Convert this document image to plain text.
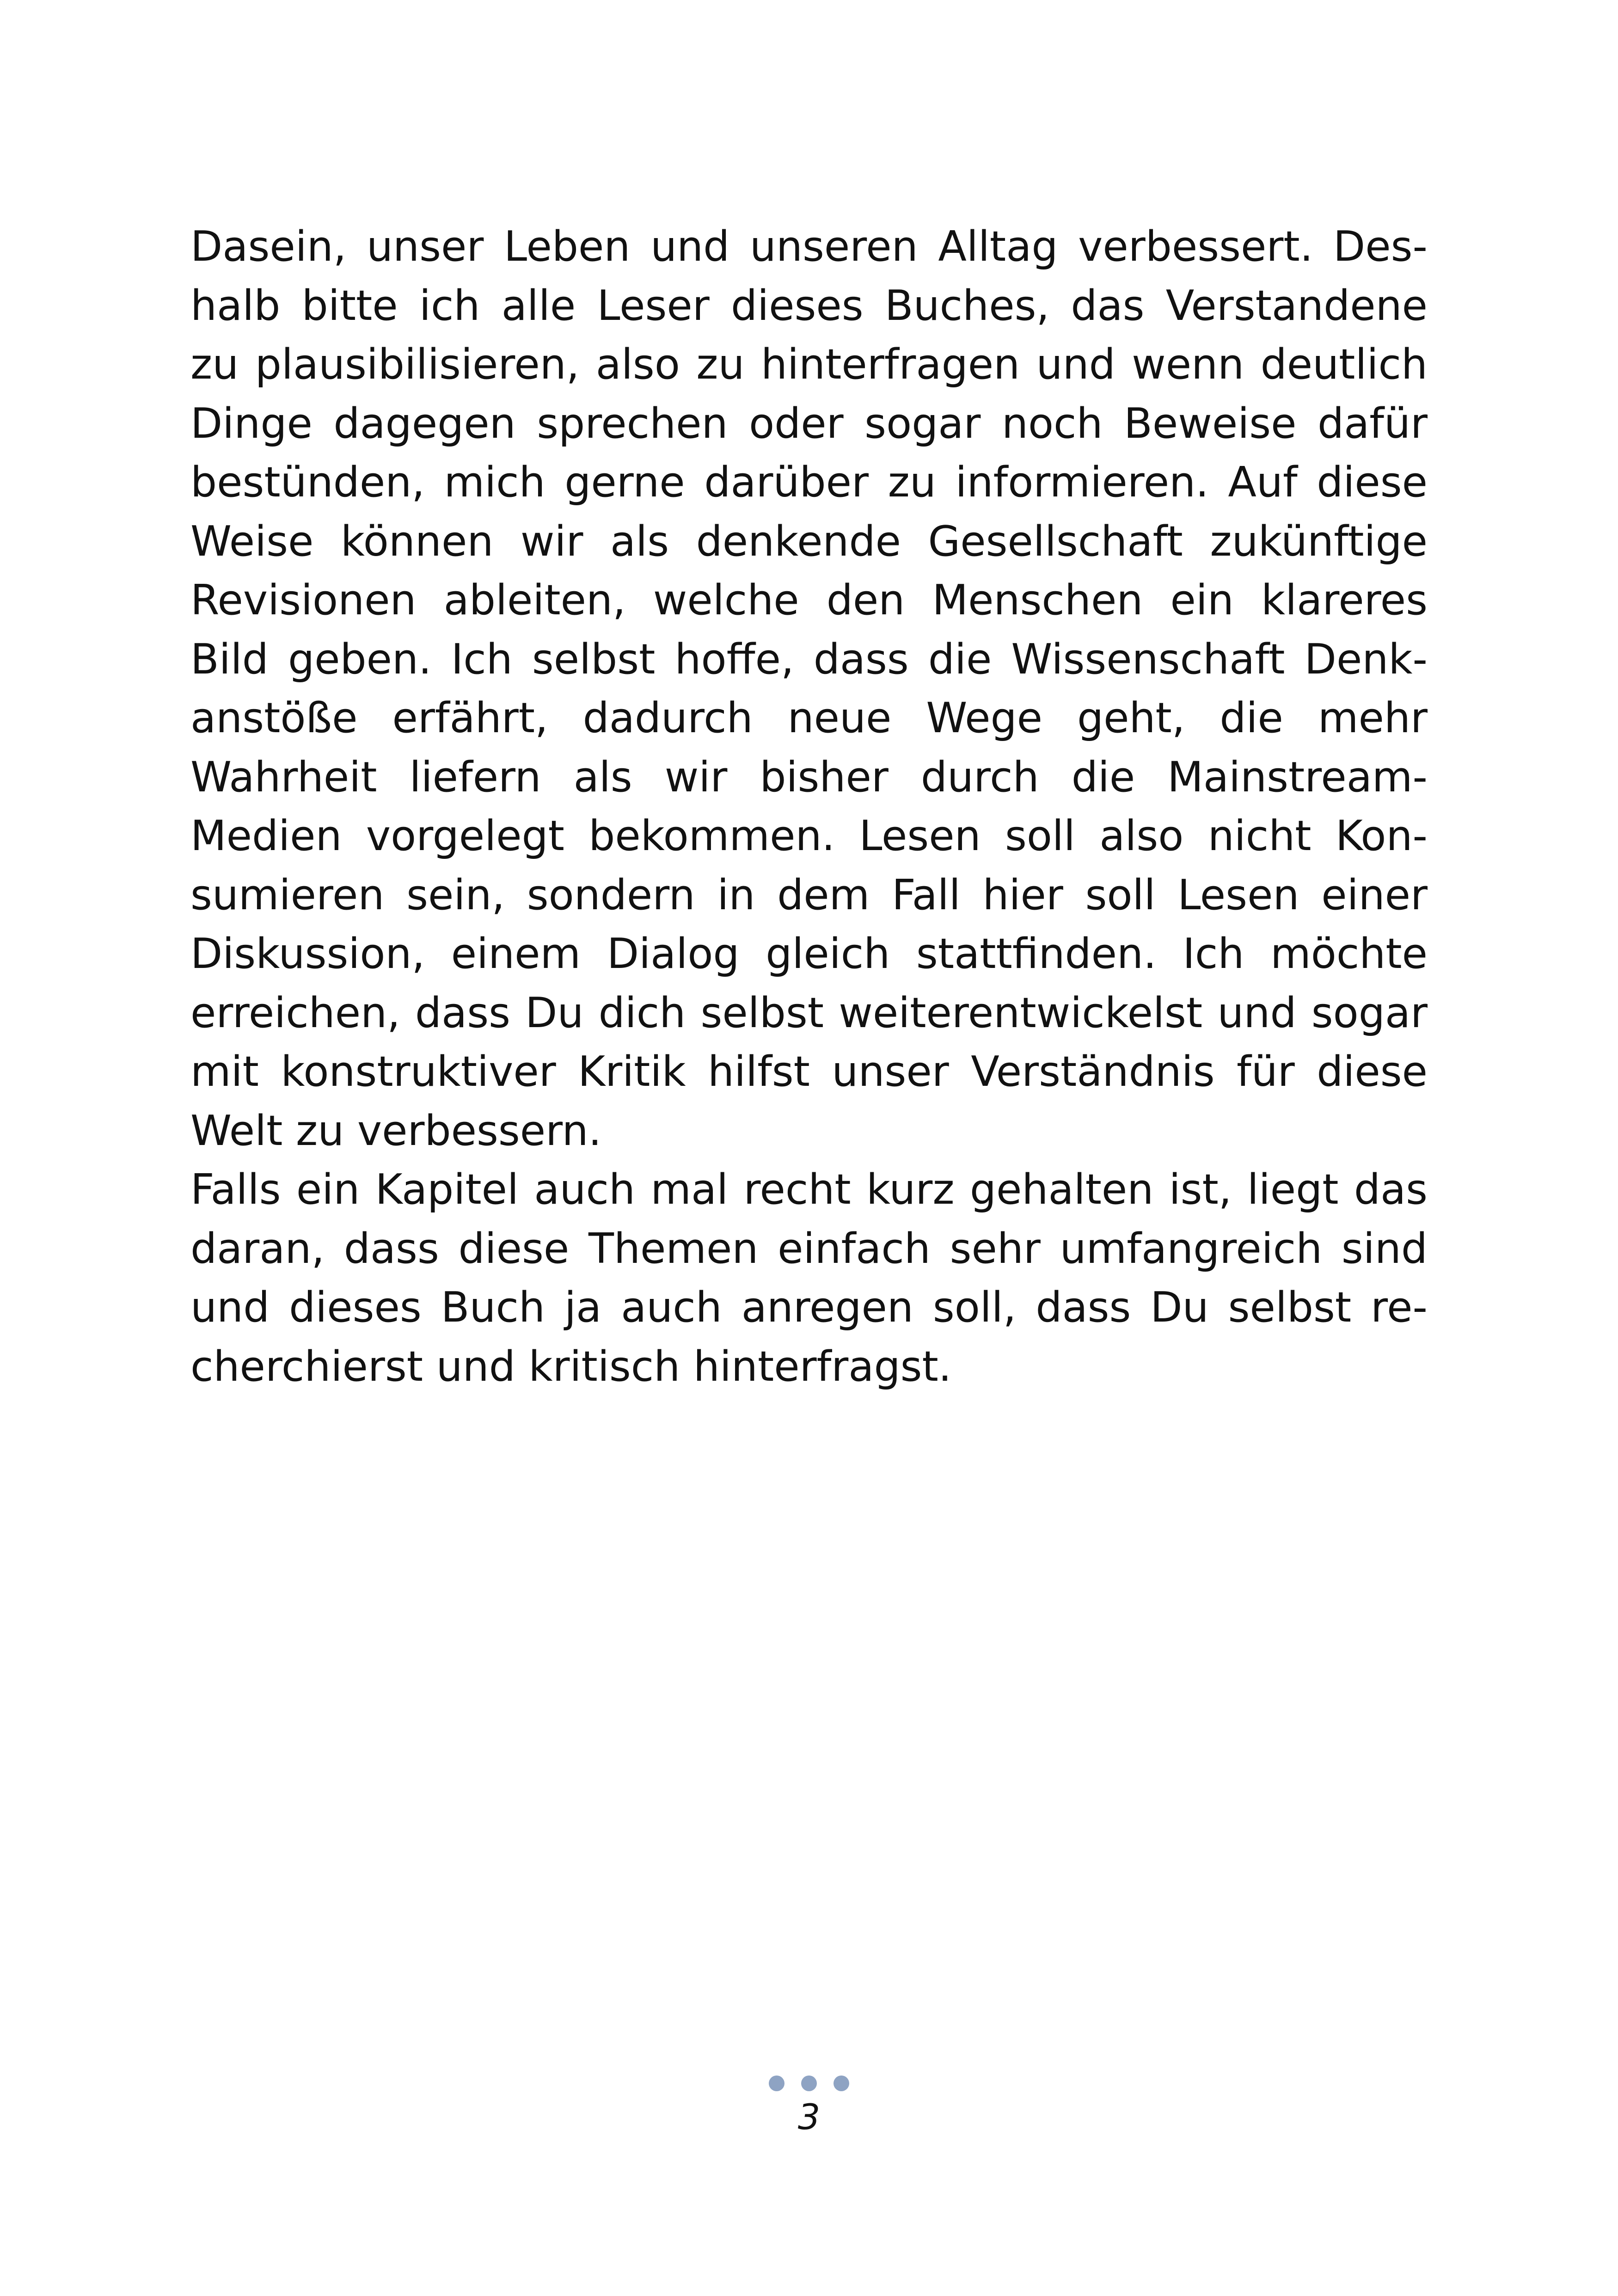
Dasein, unser Leben und unseren Alltag verbessert. Des-
halb bitte ich alle Leser dieses Buches, das Verstandene
zu plausibilisieren, also zu hinterfragen und wenn deutlich
Dinge dagegen sprechen oder sogar noch Beweise dafür
bestünden, mich gerne darüber zu informieren. Auf diese
Weise können wir als denkende Gesellschaft zukünftige
Revisionen ableiten, welche den Menschen ein klareres
Bild geben. Ich selbst hoffe, dass die Wissenschaft Denk-
anstöße erfährt, dadurch neue Wege geht, die mehr
Wahrheit liefern als wir bisher durch die Mainstream-
Medien vorgelegt bekommen. Lesen soll also nicht Kon-
sumieren sein, sondern in dem Fall hier soll Lesen einer
Diskussion, einem Dialog gleich stattfinden. Ich möchte
erreichen, dass Du dich selbst weiterentwickelst und sogar
mit konstruktiver Kritik hilfst unser Verständnis für diese
Welt zu verbessern.
Falls ein Kapitel auch mal recht kurz gehalten ist, liegt das
daran, dass diese Themen einfach sehr umfangreich sind
und dieses Buch ja auch anregen soll, dass Du selbst re-
cherchierst und kritisch hinterfragst.
3
